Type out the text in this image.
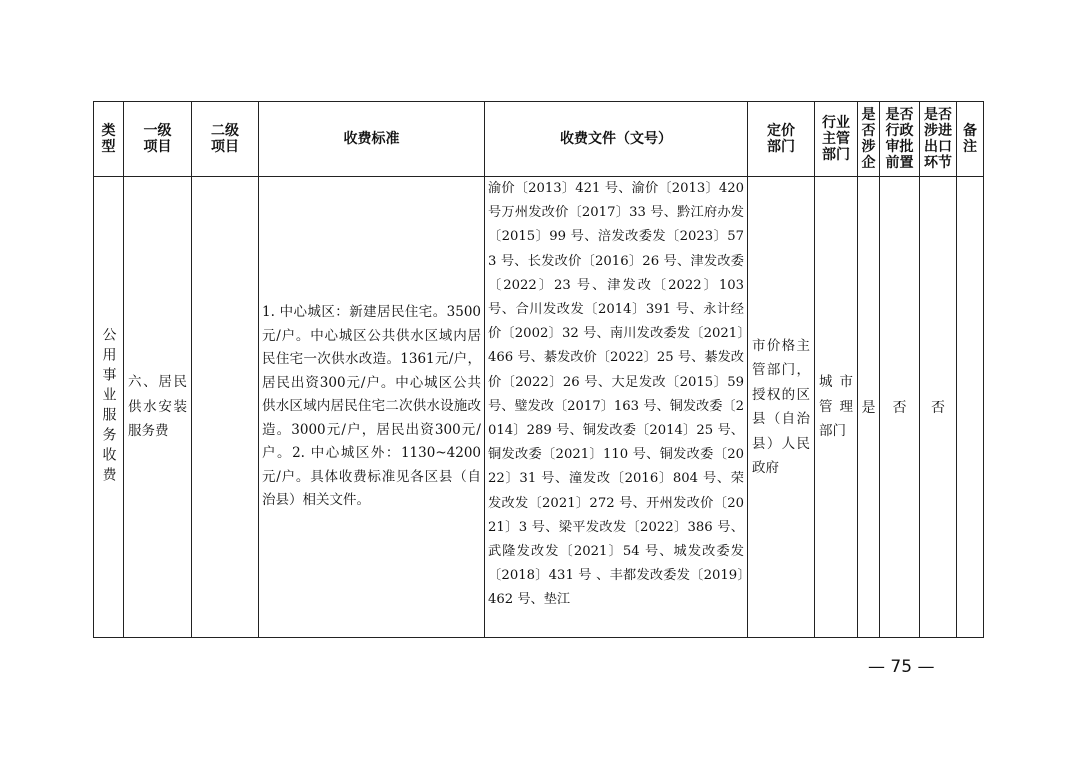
类型	一级项目	二级项目	收费标准	收费文件（文号）	定价部门	行业主管部门	是否涉企	是否行政审批前置	是否涉进出口环节	备注

公用事业服务收费	六、居民供水安装服务费		1. 中心城区：新建居民住宅。3500元/户。中心城区公共供水区域内居民住宅一次供水改造。1361元/户，居民出资300元/户。中心城区公共供水区域内居民住宅二次供水设施改造。3000元/户，居民出资300元/户。2. 中心城区外：1130~4200 元/户。具体收费标准见各区县（自治县）相关文件。	渝价〔2013〕421 号、渝价〔2013〕420 号万州发改价〔2017〕33 号、黔江府办发〔2015〕99 号、涪发改委发〔2023〕573 号、长发改价〔2016〕26 号、津发改委〔2022〕23 号、津发改〔2022〕103 号、合川发改发〔2014〕391 号、永计经价〔2002〕32 号、南川发改委发〔2021〕466 号、綦发改价〔2022〕25 号、綦发改价〔2022〕26 号、大足发改〔2015〕59 号、璧发改〔2017〕163 号、铜发改委〔2014〕289 号、铜发改委〔2014〕25 号、铜发改委〔2021〕110 号、铜发改委〔2022〕31 号、潼发改〔2016〕804 号、荣发改发〔2021〕272 号、开州发改价〔2021〕3 号、梁平发改发〔2022〕386 号、武隆发改发〔2021〕54 号、城发改委发〔2018〕431 号 、丰都发改委发〔2019〕462 号、垫江	市价格主管部门，授权的区县（自治县）人民政府	城市管理部门	是	否	否	
— 75 —
